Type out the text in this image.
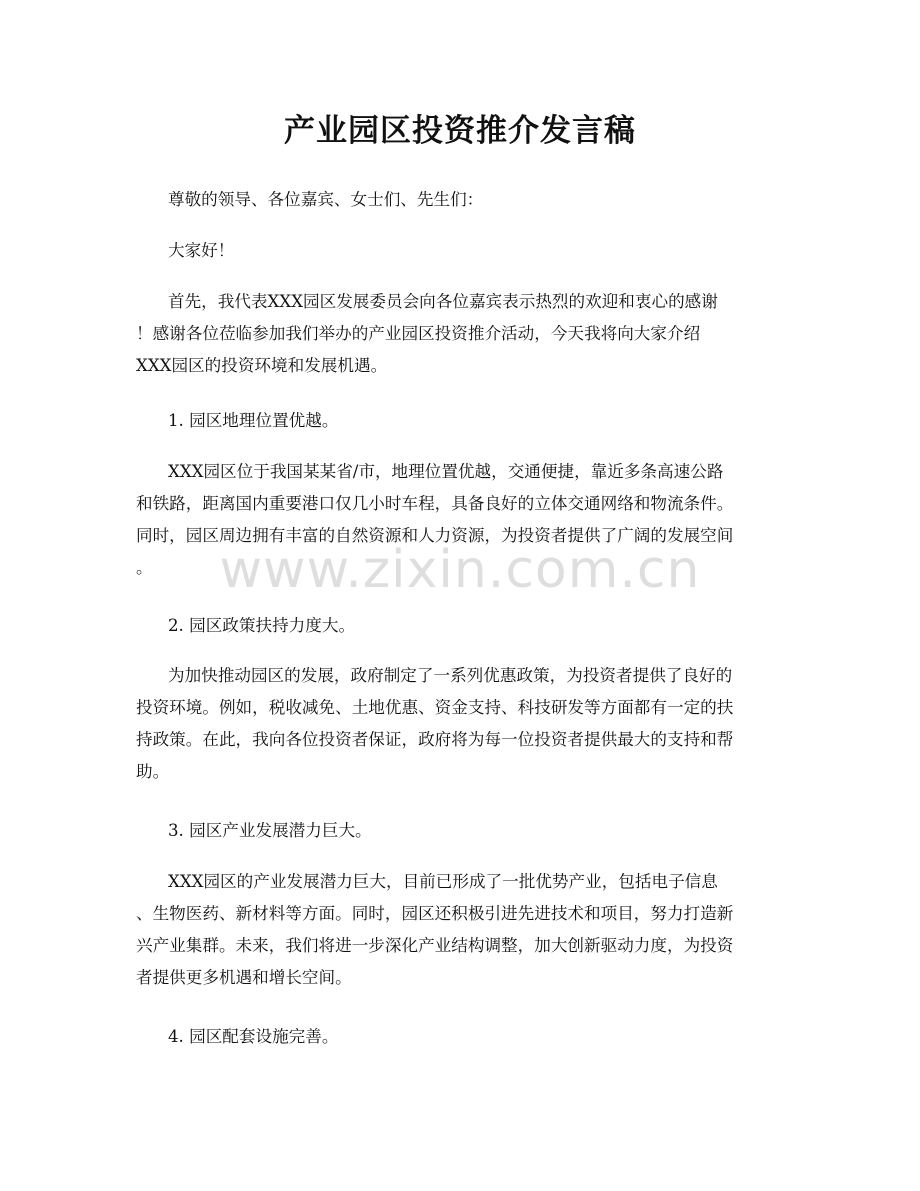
产业园区投资推介发言稿
尊敬的领导、各位嘉宾、女士们、先生们：
大家好！
首先，我代表XXX园区发展委员会向各位嘉宾表示热烈的欢迎和衷心的感谢
！感谢各位莅临参加我们举办的产业园区投资推介活动，今天我将向大家介绍
XXX园区的投资环境和发展机遇。
1. 园区地理位置优越。
XXX园区位于我国某某省/市，地理位置优越，交通便捷，靠近多条高速公路
和铁路，距离国内重要港口仅几小时车程，具备良好的立体交通网络和物流条件。
同时，园区周边拥有丰富的自然资源和人力资源，为投资者提供了广阔的发展空间
。	www.zixin.com.cn
2. 园区政策扶持力度大。
为加快推动园区的发展，政府制定了一系列优惠政策，为投资者提供了良好的
投资环境。例如，税收减免、土地优惠、资金支持、科技研发等方面都有一定的扶
持政策。在此，我向各位投资者保证，政府将为每一位投资者提供最大的支持和帮
助。
3. 园区产业发展潜力巨大。
XXX园区的产业发展潜力巨大，目前已形成了一批优势产业，包括电子信息
、生物医药、新材料等方面。同时，园区还积极引进先进技术和项目，努力打造新
兴产业集群。未来，我们将进一步深化产业结构调整，加大创新驱动力度，为投资
者提供更多机遇和增长空间。
4. 园区配套设施完善。
